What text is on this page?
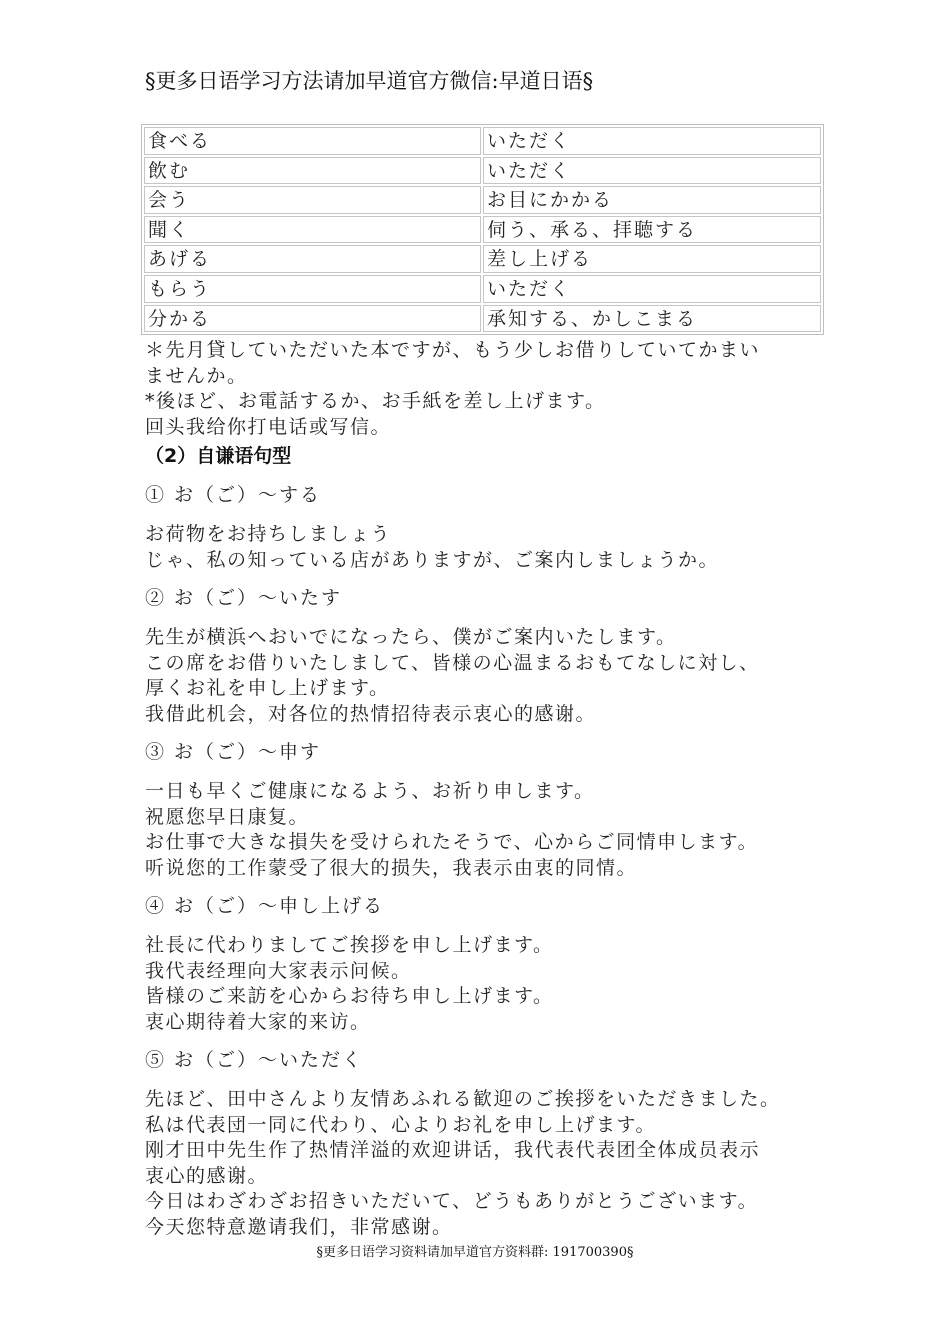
§更多日语学习方法请加早道官方微信:早道日语§
食べる	いただく
飲む	いただく
会う	お目にかかる
聞く	伺う、承る、拝聴する
あげる	差し上げる
もらう	いただく
分かる	承知する、かしこまる
＊先月貸していただいた本ですが、もう少しお借りしていてかまい
ませんか。
*後ほど、お電話するか、お手紙を差し上げます。
回头我给你打电话或写信。
（2）自谦语句型
① お（ご）～する
お荷物をお持ちしましょう
じゃ、私の知っている店がありますが、ご案内しましょうか。
② お（ご）～いたす
先生が横浜へおいでになったら、僕がご案内いたします。
この席をお借りいたしまして、皆様の心温まるおもてなしに対し、
厚くお礼を申し上げます。
我借此机会，对各位的热情招待表示衷心的感谢。
③ お（ご）～申す
一日も早くご健康になるよう、お祈り申します。
祝愿您早日康复。
お仕事で大きな損失を受けられたそうで、心からご同情申します。
听说您的工作蒙受了很大的损失，我表示由衷的同情。
④ お（ご）～申し上げる
社長に代わりましてご挨拶を申し上げます。
我代表经理向大家表示问候。
皆様のご来訪を心からお待ち申し上げます。
衷心期待着大家的来访。
⑤ お（ご）～いただく
先ほど、田中さんより友情あふれる歓迎のご挨拶をいただきました。
私は代表団一同に代わり、心よりお礼を申し上げます。
刚才田中先生作了热情洋溢的欢迎讲话，我代表代表团全体成员表示
衷心的感谢。
今日はわざわざお招きいただいて、どうもありがとうございます。
今天您特意邀请我们，非常感谢。
§更多日语学习资料请加早道官方资料群: 191700390§
